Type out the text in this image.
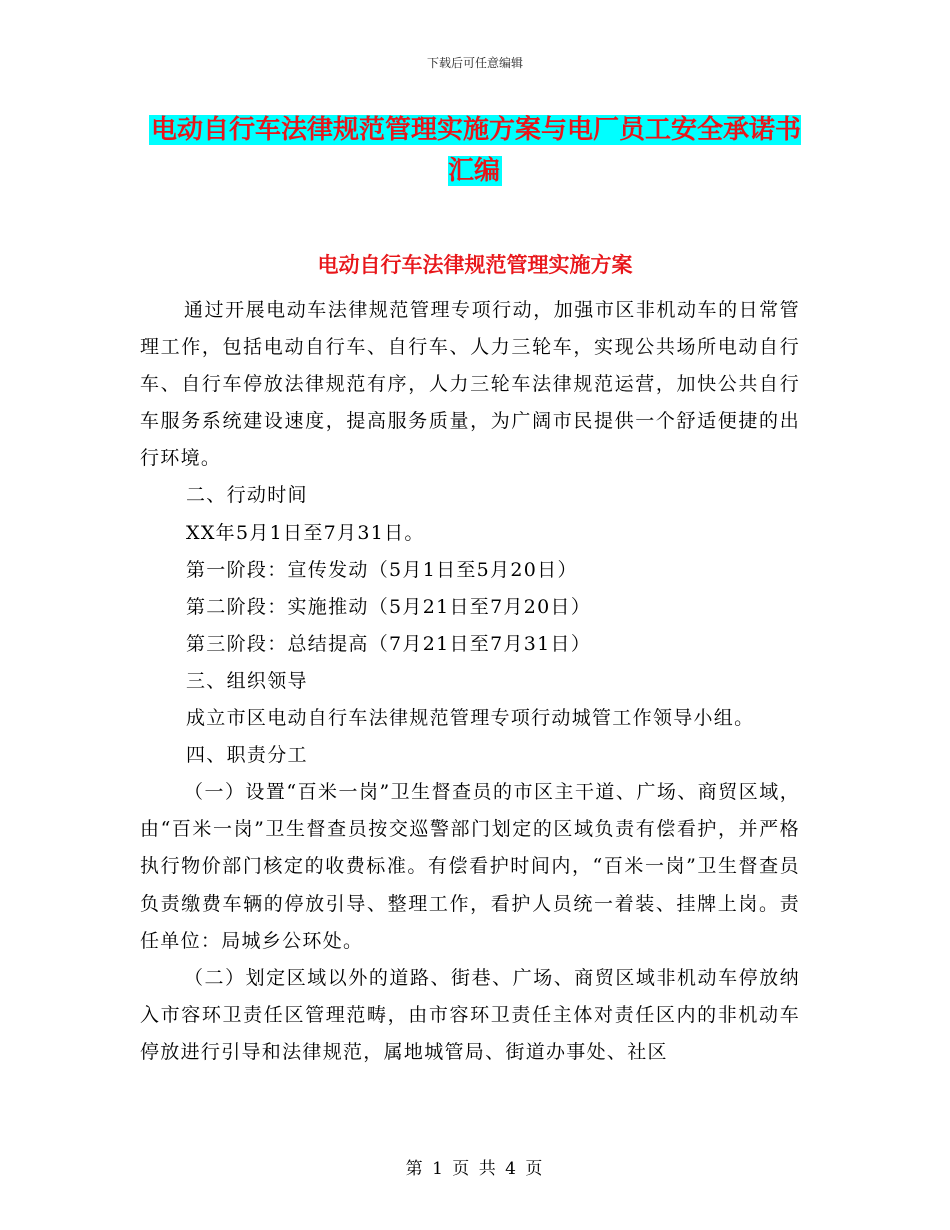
下载后可任意编辑
电动自行车法律规范管理实施方案与电厂员工安全承诺书汇编
电动自行车法律规范管理实施方案

通过开展电动车法律规范管理专项行动，加强市区非机动车的日常管理工作，包括电动自行车、自行车、人力三轮车，实现公共场所电动自行车、自行车停放法律规范有序，人力三轮车法律规范运营，加快公共自行车服务系统建设速度，提高服务质量，为广阔市民提供一个舒适便捷的出行环境。

二、行动时间

XX年5月1日至7月31日。

第一阶段：宣传发动（5月1日至5月20日）

第二阶段：实施推动（5月21日至7月20日）

第三阶段：总结提高（7月21日至7月31日）

三、组织领导

成立市区电动自行车法律规范管理专项行动城管工作领导小组。

四、职责分工

（一）设置“百米一岗”卫生督查员的市区主干道、广场、商贸区域，由“百米一岗”卫生督查员按交巡警部门划定的区域负责有偿看护，并严格执行物价部门核定的收费标准。有偿看护时间内，“百米一岗”卫生督查员负责缴费车辆的停放引导、整理工作，看护人员统一着装、挂牌上岗。责任单位：局城乡公环处。

（二）划定区域以外的道路、街巷、广场、商贸区域非机动车停放纳入市容环卫责任区管理范畴，由市容环卫责任主体对责任区内的非机动车停放进行引导和法律规范，属地城管局、街道办事处、社区

第 1 页 共 4 页
